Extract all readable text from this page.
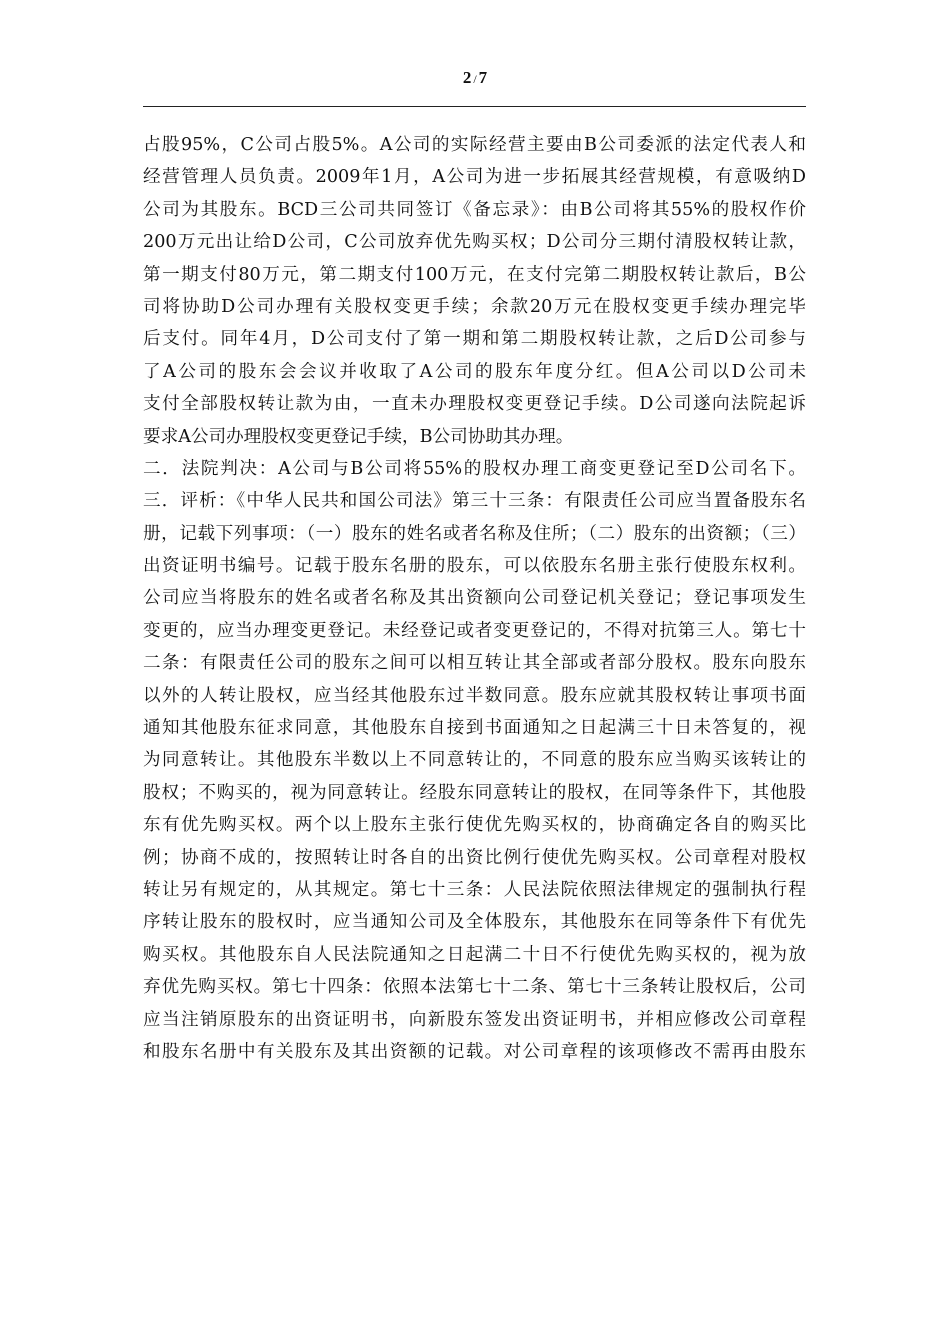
2 / 7
占股95%，C公司占股5%。A公司的实际经营主要由B公司委派的法定代表人和
经营管理人员负责。2009年1月，A公司为进一步拓展其经营规模，有意吸纳D
公司为其股东。BCD三公司共同签订《备忘录》：由B公司将其55%的股权作价
200万元出让给D公司，C公司放弃优先购买权；D公司分三期付清股权转让款，
第一期支付80万元，第二期支付100万元，在支付完第二期股权转让款后，B公
司将协助D公司办理有关股权变更手续；余款20万元在股权变更手续办理完毕
后支付。同年4月，D公司支付了第一期和第二期股权转让款，之后D公司参与
了A公司的股东会会议并收取了A公司的股东年度分红。但A公司以D公司未
支付全部股权转让款为由，一直未办理股权变更登记手续。D公司遂向法院起诉
要求A公司办理股权变更登记手续，B公司协助其办理。
二．法院判决：A公司与B公司将55%的股权办理工商变更登记至D公司名下。
三．评析：《中华人民共和国公司法》第三十三条：有限责任公司应当置备股东名
册，记载下列事项：（一）股东的姓名或者名称及住所；（二）股东的出资额；（三）
出资证明书编号。记载于股东名册的股东，可以依股东名册主张行使股东权利。
公司应当将股东的姓名或者名称及其出资额向公司登记机关登记；登记事项发生
变更的，应当办理变更登记。未经登记或者变更登记的，不得对抗第三人。第七十
二条：有限责任公司的股东之间可以相互转让其全部或者部分股权。股东向股东
以外的人转让股权，应当经其他股东过半数同意。股东应就其股权转让事项书面
通知其他股东征求同意，其他股东自接到书面通知之日起满三十日未答复的，视
为同意转让。其他股东半数以上不同意转让的，不同意的股东应当购买该转让的
股权；不购买的，视为同意转让。经股东同意转让的股权，在同等条件下，其他股
东有优先购买权。两个以上股东主张行使优先购买权的，协商确定各自的购买比
例；协商不成的，按照转让时各自的出资比例行使优先购买权。公司章程对股权
转让另有规定的，从其规定。第七十三条：人民法院依照法律规定的强制执行程
序转让股东的股权时，应当通知公司及全体股东，其他股东在同等条件下有优先
购买权。其他股东自人民法院通知之日起满二十日不行使优先购买权的，视为放
弃优先购买权。第七十四条：依照本法第七十二条、第七十三条转让股权后，公司
应当注销原股东的出资证明书，向新股东签发出资证明书，并相应修改公司章程
和股东名册中有关股东及其出资额的记载。对公司章程的该项修改不需再由股东
